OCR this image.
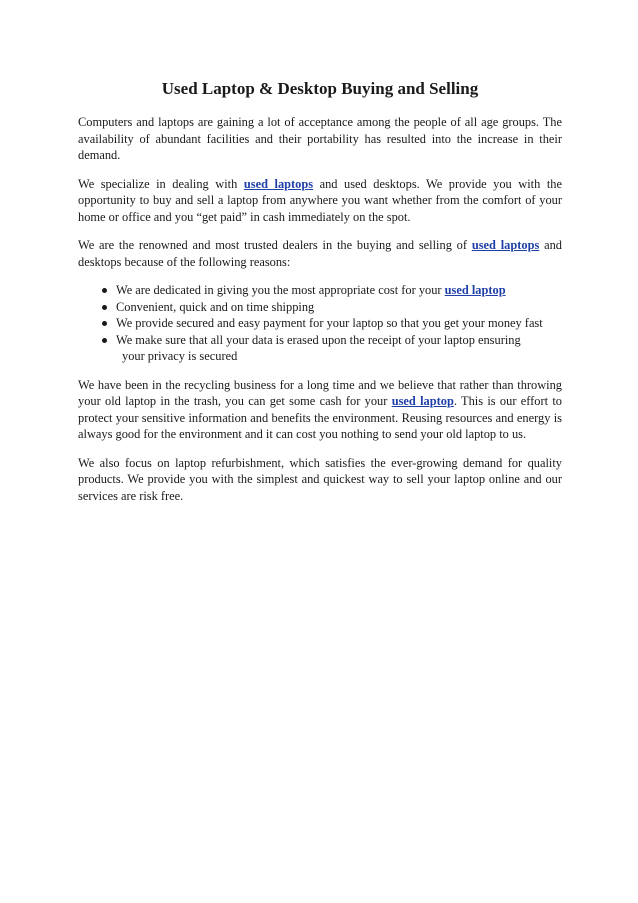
Used Laptop & Desktop Buying and Selling

Computers and laptops are gaining a lot of acceptance among the people of all age groups. The availability of abundant facilities and their portability has resulted into the increase in their demand.

We specialize in dealing with used laptops and used desktops. We provide you with the opportunity to buy and sell a laptop from anywhere you want whether from the comfort of your home or office and you “get paid” in cash immediately on the spot.

We are the renowned and most trusted dealers in the buying and selling of used laptops and desktops because of the following reasons:

We are dedicated in giving you the most appropriate cost for your used laptop
Convenient, quick and on time shipping
We provide secured and easy payment for your laptop so that you get your money fast
We make sure that all your data is erased upon the receipt of your laptop ensuring
your privacy is secured

We have been in the recycling business for a long time and we believe that rather than throwing your old laptop in the trash, you can get some cash for your used laptop. This is our effort to protect your sensitive information and benefits the environment. Reusing resources and energy is always good for the environment and it can cost you nothing to send your old laptop to us.

We also focus on laptop refurbishment, which satisfies the ever-growing demand for quality products. We provide you with the simplest and quickest way to sell your laptop online and our services are risk free.
